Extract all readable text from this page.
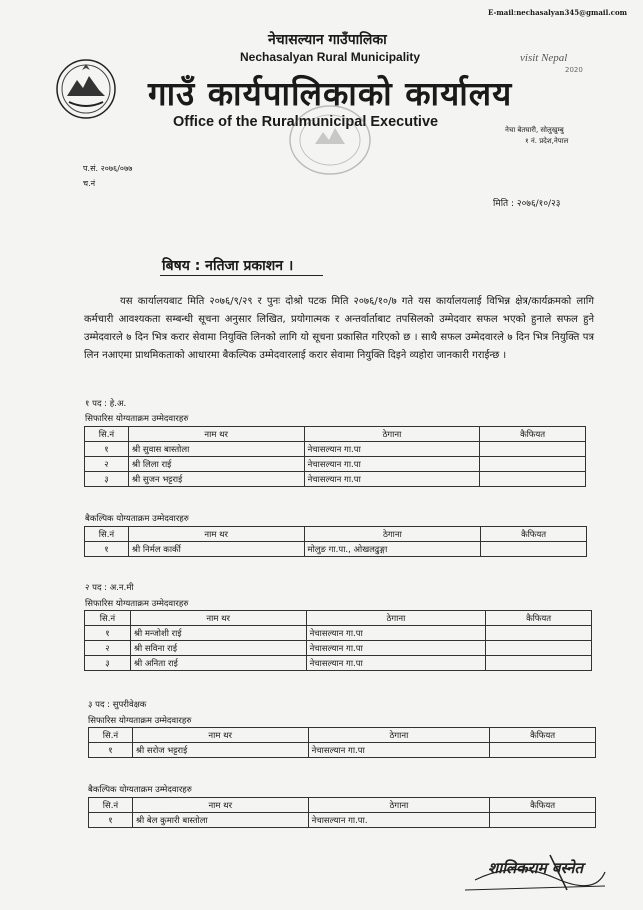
E-mail:nechasalyan345@gmail.com
नेचासल्यान गाउँपालिका
Nechasalyan Rural Municipality
गाउँ कार्यपालिकाको कार्यालय
Office of the Ruralmunicipal Executive
visit Nepal
2020
नेचा बेतघारी, सोलुखुम्बु
१ नं. प्रदेश,नेपाल
प.सं. २०७६/०७७
च.नं
मिति : २०७६/१०/२३
बिषय : नतिजा प्रकाशन ।
यस कार्यालयबाट मिति २०७६/९/२९ र पुनः दोश्रो पटक मिति २०७६/१०/७ गते यस कार्यालयलाई विभिन्न क्षेत्र/कार्यक्रमको लागि कर्मचारी आवश्यकता सम्बन्धी सूचना अनुसार लिखित, प्रयोगात्मक र अन्तर्वार्ताबाट तपसिलको उम्मेदवार सफल भएको हुनाले सफल हुने उम्मेदवारले ७ दिन भित्र करार सेवामा नियुक्ति लिनको लागि यो सूचना प्रकासित गरिएको छ । साथै सफल उम्मेदवारले ७ दिन भित्र नियुक्ति पत्र लिन नआएमा प्राथमिकताको आधारमा बैकल्पिक उम्मेदवारलाई करार सेवामा नियुक्ति दिइने व्यहोरा जानकारी गराईन्छ ।
१ पद : हे.अ.
सिफारिस योग्यताक्रम उम्मेदवारहरु
सि.नं	नाम थर	ठेगाना	कैफियत
१	श्री सुवास बास्तोला	नेचासल्यान गा.पा	
२	श्री लिला राई	नेचासल्यान गा.पा	
३	श्री सुजन भट्टराई	नेचासल्यान गा.पा	
बैकल्पिक योग्यताक्रम उम्मेदवारहरु
सि.नं	नाम थर	ठेगाना	कैफियत
१	श्री निर्मल कार्की	मोलुङ गा.पा., ओखलढुङ्गा	
२ पद : अ.न.मी
सिफारिस योग्यताक्रम उम्मेदवारहरु
सि.नं	नाम थर	ठेगाना	कैफियत
१	श्री मन्जोशी राई	नेचासल्यान गा.पा	
२	श्री सविना राई	नेचासल्यान गा.पा	
३	श्री अनिता राई	नेचासल्यान गा.पा	
३ पद : सुपरीवेक्षक
सिफारिस योग्यताक्रम उम्मेदवारहरु
सि.नं	नाम थर	ठेगाना	कैफियत
१	श्री सरोज भट्टराई	नेचासल्यान गा.पा	
बैकल्पिक योग्यताक्रम उम्मेदवारहरु
सि.नं	नाम थर	ठेगाना	कैफियत
१	श्री बेल कुमारी बास्तोला	नेचासल्यान गा.पा.	
शालिकराम बस्नेत
